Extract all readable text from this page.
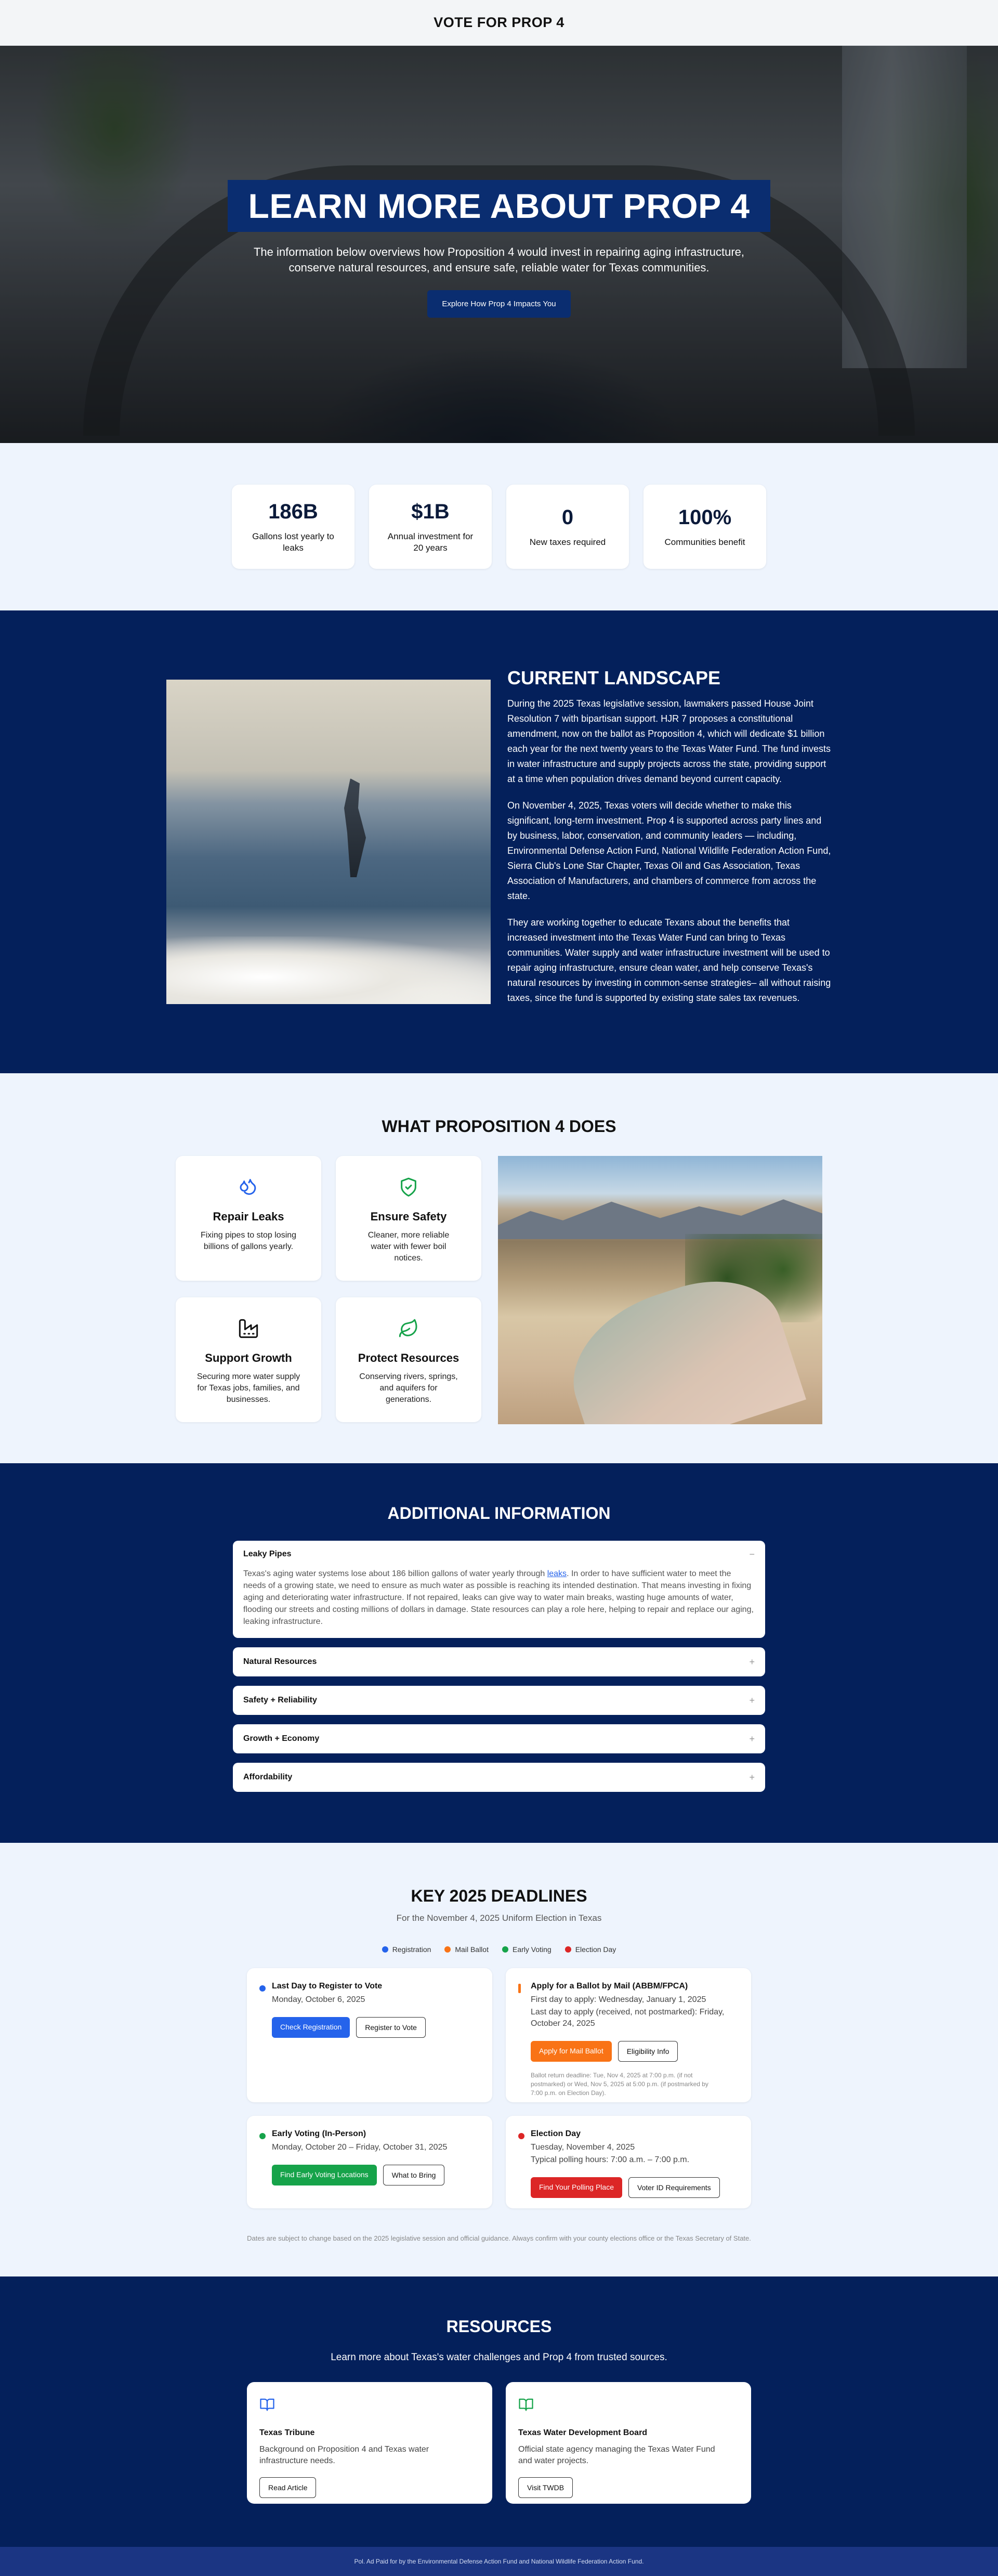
VOTE FOR PROP 4
LEARN MORE ABOUT PROP 4

The information below overviews how Proposition 4 would invest in repairing aging infrastructure, conserve natural resources, and ensure safe, reliable water for Texas communities.

Explore How Prop 4 Impacts You
186B
Gallons lost yearly to leaks
$1B
Annual investment for 20 years
0
New taxes required
100%
Communities benefit
CURRENT LANDSCAPE

During the 2025 Texas legislative session, lawmakers passed House Joint Resolution 7 with bipartisan support. HJR 7 proposes a constitutional amendment, now on the ballot as Proposition 4, which will dedicate $1 billion each year for the next twenty years to the Texas Water Fund. The fund invests in water infrastructure and supply projects across the state, providing support at a time when population drives demand beyond current capacity.

On November 4, 2025, Texas voters will decide whether to make this significant, long-term investment. Prop 4 is supported across party lines and by business, labor, conservation, and community leaders — including, Environmental Defense Action Fund, National Wildlife Federation Action Fund, Sierra Club's Lone Star Chapter, Texas Oil and Gas Association, Texas Association of Manufacturers, and chambers of commerce from across the state.

They are working together to educate Texans about the benefits that increased investment into the Texas Water Fund can bring to Texas communities. Water supply and water infrastructure investment will be used to repair aging infrastructure, ensure clean water, and help conserve Texas's natural resources by investing in common-sense strategies– all without raising taxes, since the fund is supported by existing state sales tax revenues.

WHAT PROPOSITION 4 DOES
Repair Leaks

Fixing pipes to stop losing billions of gallons yearly.

Ensure Safety

Cleaner, more reliable water with fewer boil notices.

Support Growth

Securing more water supply for Texas jobs, families, and businesses.

Protect Resources

Conserving rivers, springs, and aquifers for generations.

ADDITIONAL INFORMATION
Leaky Pipes	−
Texas's aging water systems lose about 186 billion gallons of water yearly through leaks. In order to have sufficient water to meet the needs of a growing state, we need to ensure as much water as possible is reaching its intended destination. That means investing in fixing aging and deteriorating water infrastructure. If not repaired, leaks can give way to water main breaks, wasting huge amounts of water, flooding our streets and costing millions of dollars in damage. State resources can play a role here, helping to repair and replace our aging, leaking infrastructure.
Natural Resources	+
Safety + Reliability	+
Growth + Economy	+
Affordability	+
KEY 2025 DEADLINES

For the November 4, 2025 Uniform Election in Texas

Registration	Mail Ballot	Early Voting	Election Day
Last Day to Register to Vote
Monday, October 6, 2025
Check Registration	Register to Vote
Apply for a Ballot by Mail (ABBM/FPCA)
First day to apply: Wednesday, January 1, 2025
Last day to apply (received, not postmarked): Friday, October 24, 2025
Apply for Mail Ballot	Eligibility Info
Ballot return deadline: Tue, Nov 4, 2025 at 7:00 p.m. (if not postmarked) or Wed, Nov 5, 2025 at 5:00 p.m. (if postmarked by 7:00 p.m. on Election Day).
Early Voting (In-Person)
Monday, October 20 – Friday, October 31, 2025
Find Early Voting Locations	What to Bring
Election Day
Tuesday, November 4, 2025
Typical polling hours: 7:00 a.m. – 7:00 p.m.
Find Your Polling Place	Voter ID Requirements

Dates are subject to change based on the 2025 legislative session and official guidance. Always confirm with your county elections office or the Texas Secretary of State.

RESOURCES

Learn more about Texas's water challenges and Prop 4 from trusted sources.

Texas Tribune

Background on Proposition 4 and Texas water infrastructure needs.

Read Article
Texas Water Development Board

Official state agency managing the Texas Water Fund and water projects.

Visit TWDB
Pol. Ad Paid for by the Environmental Defense Action Fund and National Wildlife Federation Action Fund.
